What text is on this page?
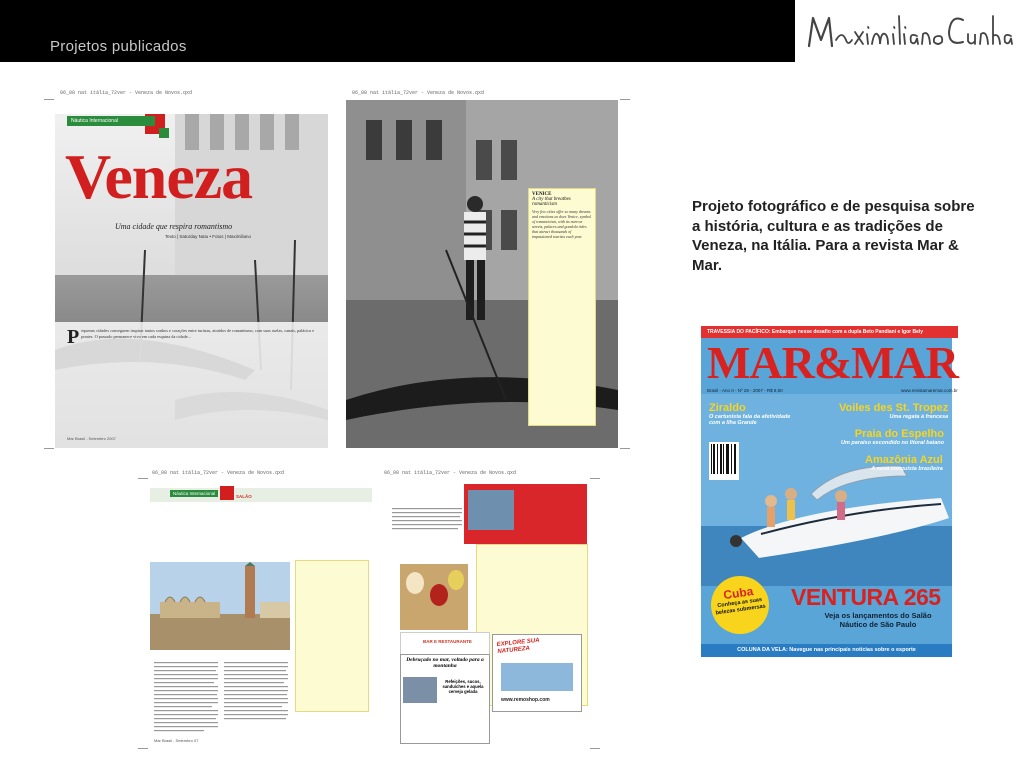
Projetos publicados
Projeto fotográfico e de pesquisa sobre a história, cultura e as tradições de Veneza, na Itália. Para a revista Mar & Mar.
06_08 nat itália_72ver - Veneza de Novos.qxd	06_08 nat itália_72ver - Veneza de Novos.qxd
Náutica Internacional
Veneza
Uma cidade que respira romantismo
Texto | Saturday Natu • Fotos | Maximiliano
P equenas cidades conseguem inspirar tantos sonhos e corações entre turistas, atraídos de romantismo, com suas ruelas, canais, palácios e pontes. O passado permanece vivo em cada esquina da cidade...
Mar Brasil - Setembro 2007
VENICE
A city that breathes romanticism
Very few cities offer so many dreams and emotions as does Venice, symbol of romanticism, with its narrow streets, palaces and gondola rides that attract thousands of impassioned tourists each year.
06_08 nat itália_72ver - Veneza de Novos.qxd	06_08 nat itália_72ver - Veneza de Novos.qxd
Náutica Internacional
SALÃO
Mar Brasil - Setembro 07
BAR E RESTAURANTE
Debruçado no mar, voltado para a montanha
Refeições, sucos, sanduíches e aquela cerveja gelada
EXPLORE SUA NATUREZA
www.remoshop.com
TRAVESSIA DO PACÍFICO: Embarque nesse desafio com a dupla Beto Pandiani e Igor Bely
MAR&MAR
Brasil - Ano II - Nº 28 - 2007 - R$ 8,50	www.revistamaremar.com.br
Ziraldo
O cartunista fala da afetividade com a Ilha Grande
Voiles des St. Tropez
Uma regata à francesa
Praia do Espelho
Um paraíso escondido no litoral baiano
Amazônia Azul
A nova conquista brasileira
Cuba
Conheça as suas belezas submersas VENTURA 265
Veja os lançamentos do Salão Náutico de São Paulo
COLUNA DA VELA: Navegue nas principais notícias sobre o esporte
